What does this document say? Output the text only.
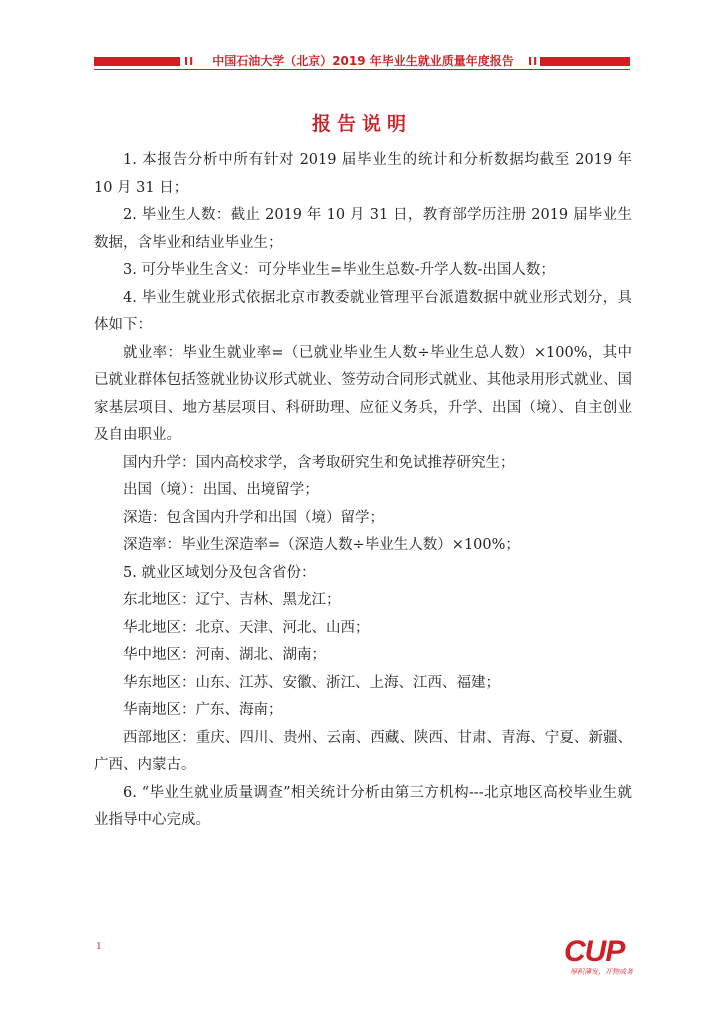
II	中国石油大学（北京）2019 年毕业生就业质量年度报告	II
报告说明

1. 本报告分析中所有针对 2019 届毕业生的统计和分析数据均截至 2019 年 10 月 31 日；

2. 毕业生人数：截止 2019 年 10 月 31 日，教育部学历注册 2019 届毕业生数据，含毕业和结业毕业生；

3. 可分毕业生含义：可分毕业生=毕业生总数-升学人数-出国人数；

4. 毕业生就业形式依据北京市教委就业管理平台派遣数据中就业形式划分，具体如下：

就业率：毕业生就业率=（已就业毕业生人数÷毕业生总人数）×100%，其中已就业群体包括签就业协议形式就业、签劳动合同形式就业、其他录用形式就业、国家基层项目、地方基层项目、科研助理、应征义务兵，升学、出国（境）、自主创业及自由职业。

国内升学：国内高校求学，含考取研究生和免试推荐研究生；

出国（境）：出国、出境留学；

深造：包含国内升学和出国（境）留学；

深造率：毕业生深造率=（深造人数÷毕业生人数）×100%；

5. 就业区域划分及包含省份：

东北地区：辽宁、吉林、黑龙江；

华北地区：北京、天津、河北、山西；

华中地区：河南、湖北、湖南；

华东地区：山东、江苏、安徽、浙江、上海、江西、福建；

华南地区：广东、海南；

西部地区：重庆、四川、贵州、云南、西藏、陕西、甘肃、青海、宁夏、新疆、广西、内蒙古。

6. “毕业生就业质量调查”相关统计分析由第三方机构---北京地区高校毕业生就业指导中心完成。

1	CUP
厚积薄发，开物成务
